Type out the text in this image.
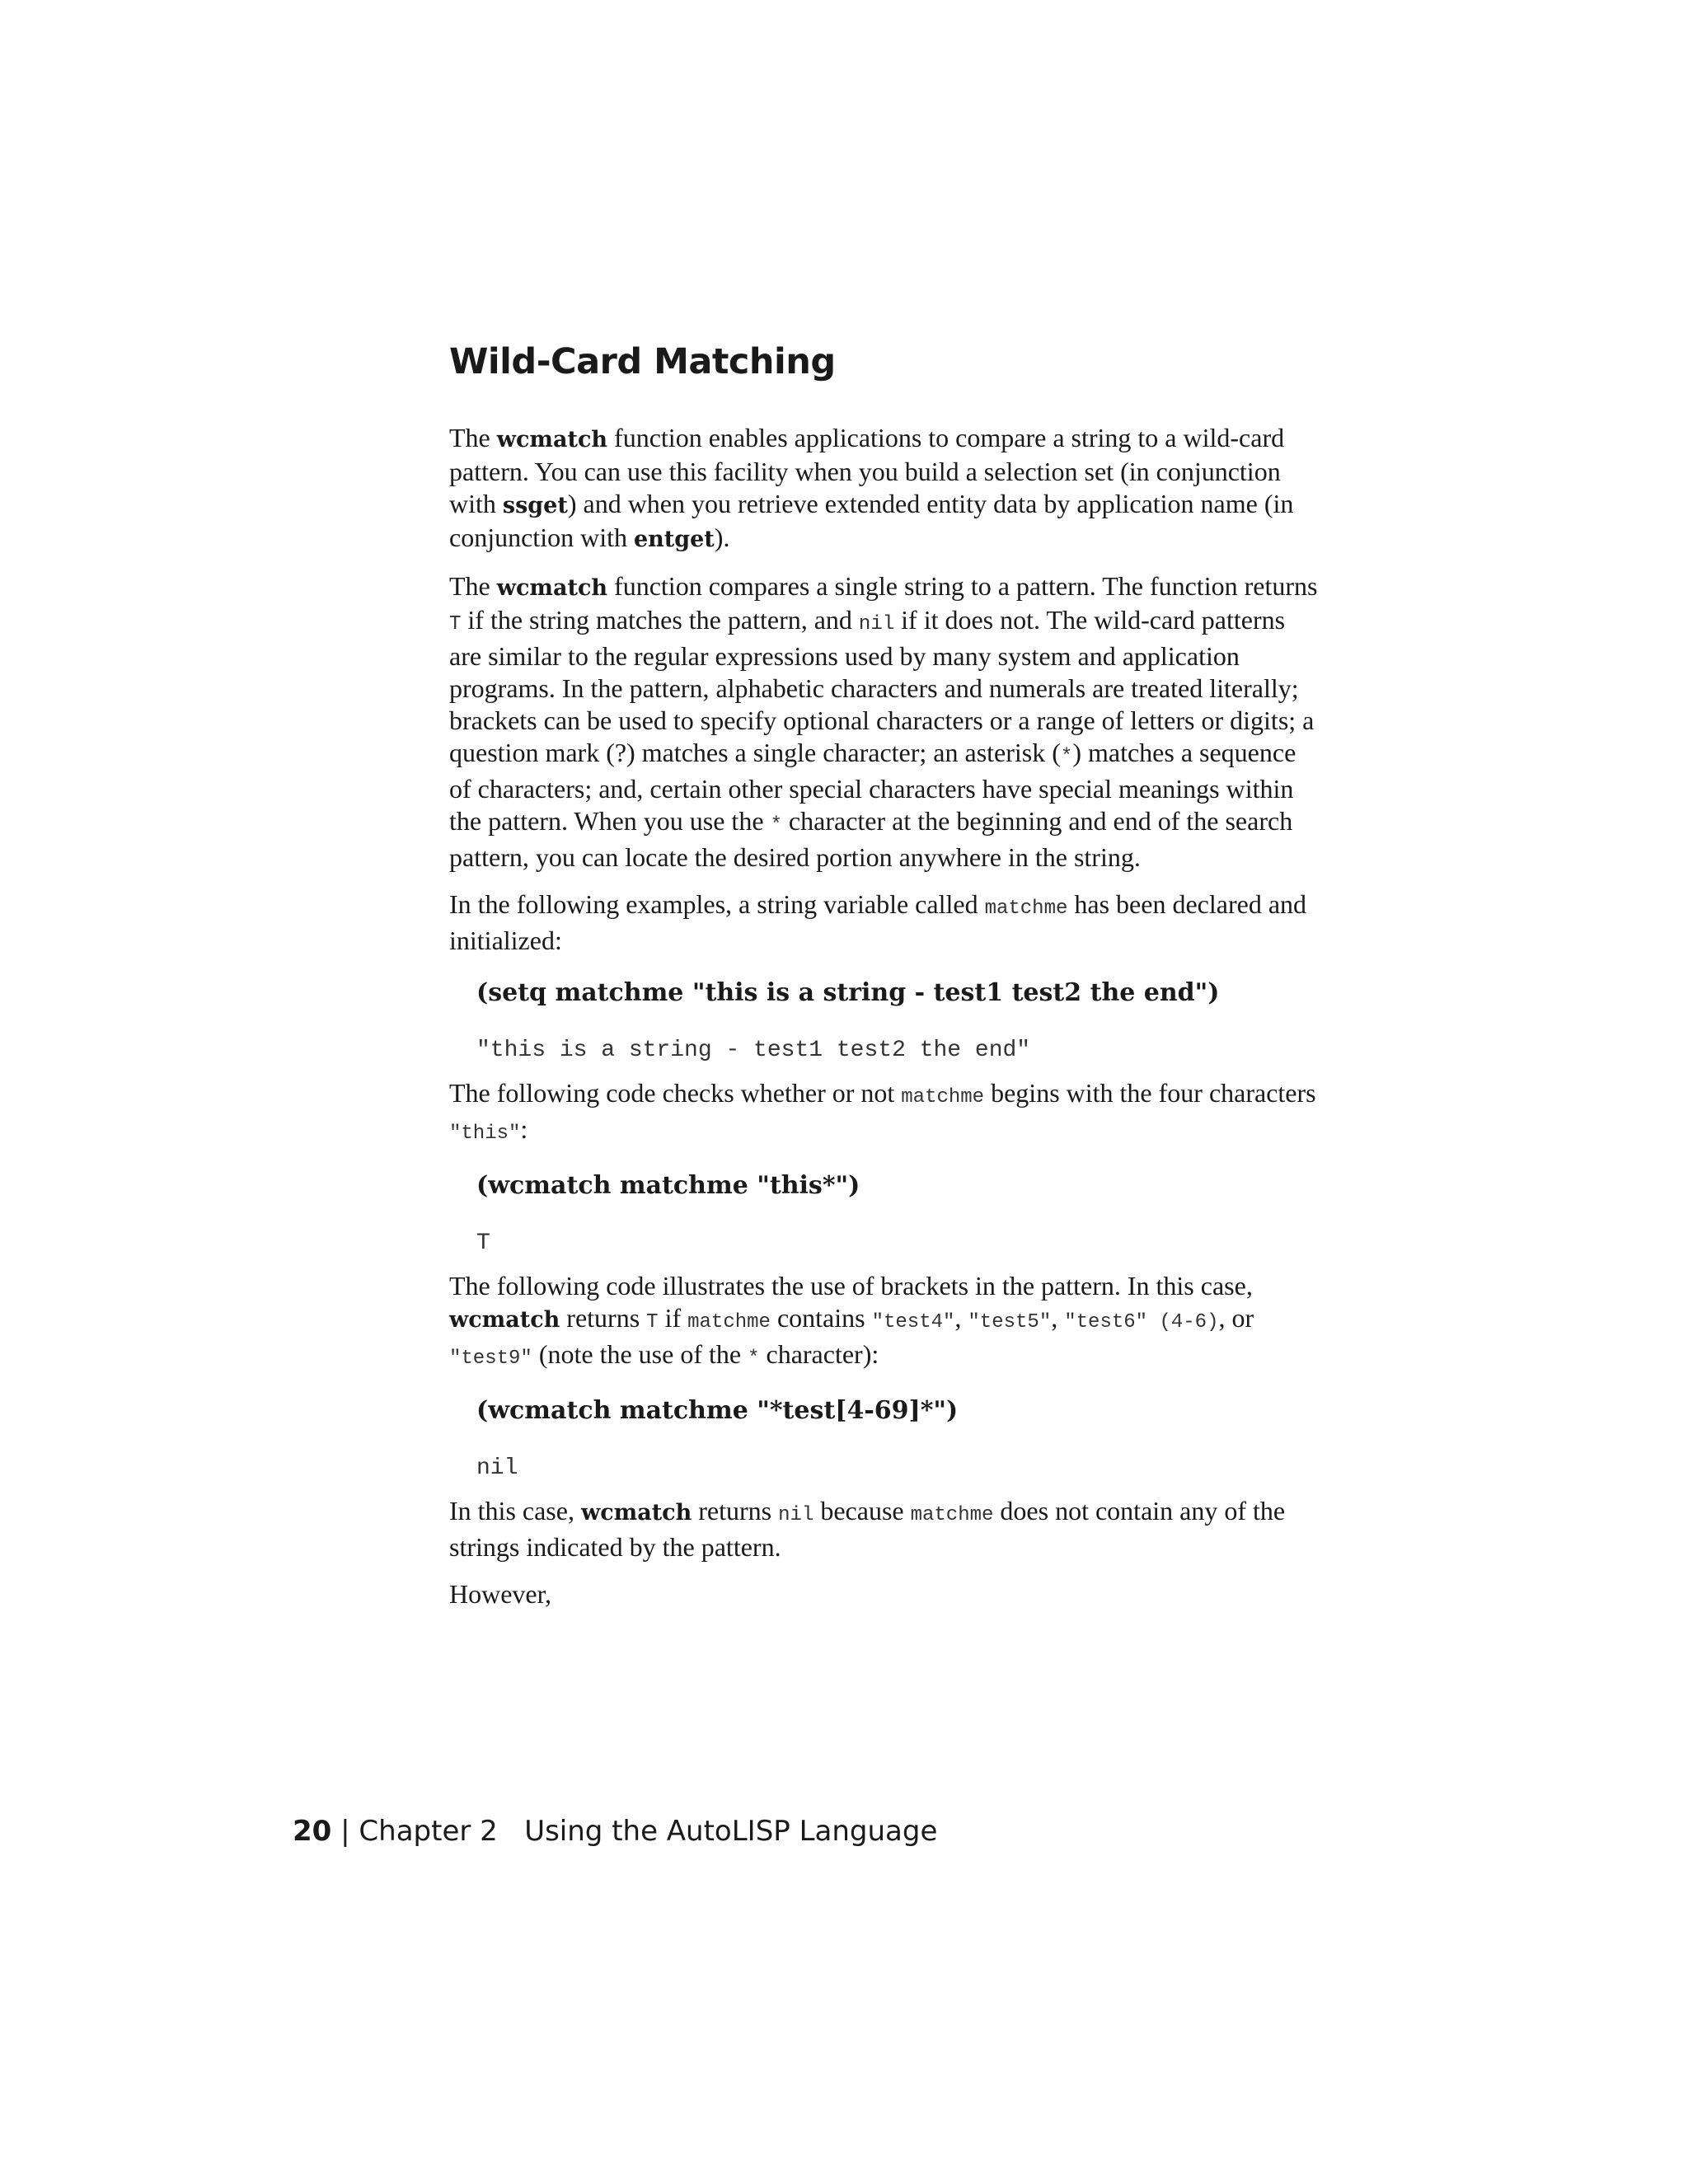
Wild-Card Matching

The wcmatch function enables applications to compare a string to a wild-card pattern. You can use this facility when you build a selection set (in conjunction with ssget) and when you retrieve extended entity data by application name (in conjunction with entget).

The wcmatch function compares a single string to a pattern. The function returns T if the string matches the pattern, and nil if it does not. The wild-card patterns are similar to the regular expressions used by many system and application programs. In the pattern, alphabetic characters and numerals are treated literally; brackets can be used to specify optional characters or a range of letters or digits; a question mark (?) matches a single character; an asterisk (*) matches a sequence of characters; and, certain other special characters have special meanings within the pattern. When you use the * character at the beginning and end of the search pattern, you can locate the desired portion anywhere in the string.

In the following examples, a string variable called matchme has been declared and initialized:

(setq matchme "this is a string - test1 test2 the end")
"this is a string - test1 test2 the end"

The following code checks whether or not matchme begins with the four characters "this":

(wcmatch matchme "this*")
T

The following code illustrates the use of brackets in the pattern. In this case, wcmatch returns T if matchme contains "test4", "test5", "test6" (4-6), or "test9" (note the use of the * character):

(wcmatch matchme "*test[4-69]*")
nil

In this case, wcmatch returns nil because matchme does not contain any of the strings indicated by the pattern.

However,

20 | Chapter 2   Using the AutoLISP Language
